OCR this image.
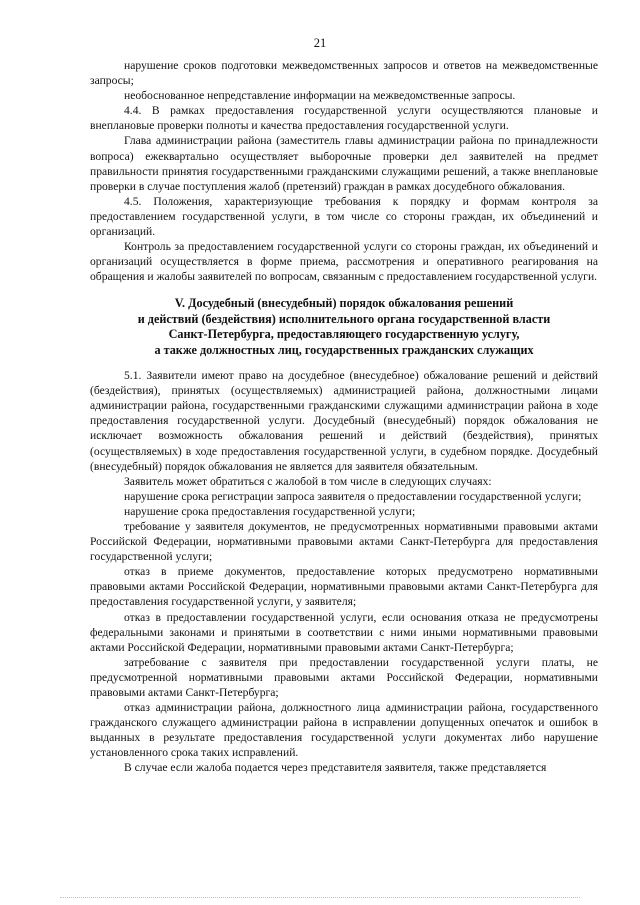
21

нарушение сроков подготовки межведомственных запросов и ответов на межведомственные запросы;

необоснованное непредставление информации на межведомственные запросы.

4.4. В рамках предоставления государственной услуги осуществляются плановые и внеплановые проверки полноты и качества предоставления государственной услуги.

Глава администрации района (заместитель главы администрации района по принадлежности вопроса) ежеквартально осуществляет выборочные проверки дел заявителей на предмет правильности принятия государственными гражданскими служащими решений, а также внеплановые проверки в случае поступления жалоб (претензий) граждан в рамках досудебного обжалования.

4.5. Положения, характеризующие требования к порядку и формам контроля за предоставлением государственной услуги, в том числе со стороны граждан, их объединений и организаций.

Контроль за предоставлением государственной услуги со стороны граждан, их объединений и организаций осуществляется в форме приема, рассмотрения и оперативного реагирования на обращения и жалобы заявителей по вопросам, связанным с предоставлением государственной услуги.

V. Досудебный (внесудебный) порядок обжалования решений
и действий (бездействия) исполнительного органа государственной власти
Санкт-Петербурга, предоставляющего государственную услугу,
а также должностных лиц, государственных гражданских служащих

5.1. Заявители имеют право на досудебное (внесудебное) обжалование решений и действий (бездействия), принятых (осуществляемых) администрацией района, должностными лицами администрации района, государственными гражданскими служащими администрации района в ходе предоставления государственной услуги. Досудебный (внесудебный) порядок обжалования не исключает возможность обжалования решений и действий (бездействия), принятых (осуществляемых) в ходе предоставления государственной услуги, в судебном порядке. Досудебный (внесудебный) порядок обжалования не является для заявителя обязательным.

Заявитель может обратиться с жалобой в том числе в следующих случаях:

нарушение срока регистрации запроса заявителя о предоставлении государственной услуги;

нарушение срока предоставления государственной услуги;

требование у заявителя документов, не предусмотренных нормативными правовыми актами Российской Федерации, нормативными правовыми актами Санкт-Петербурга для предоставления государственной услуги;

отказ в приеме документов, предоставление которых предусмотрено нормативными правовыми актами Российской Федерации, нормативными правовыми актами Санкт-Петербурга для предоставления государственной услуги, у заявителя;

отказ в предоставлении государственной услуги, если основания отказа не предусмотрены федеральными законами и принятыми в соответствии с ними иными нормативными правовыми актами Российской Федерации, нормативными правовыми актами Санкт-Петербурга;

затребование с заявителя при предоставлении государственной услуги платы, не предусмотренной нормативными правовыми актами Российской Федерации, нормативными правовыми актами Санкт-Петербурга;

отказ администрации района, должностного лица администрации района, государственного гражданского служащего администрации района в исправлении допущенных опечаток и ошибок в выданных в результате предоставления государственной услуги документах либо нарушение установленного срока таких исправлений.

В случае если жалоба подается через представителя заявителя, также представляется
